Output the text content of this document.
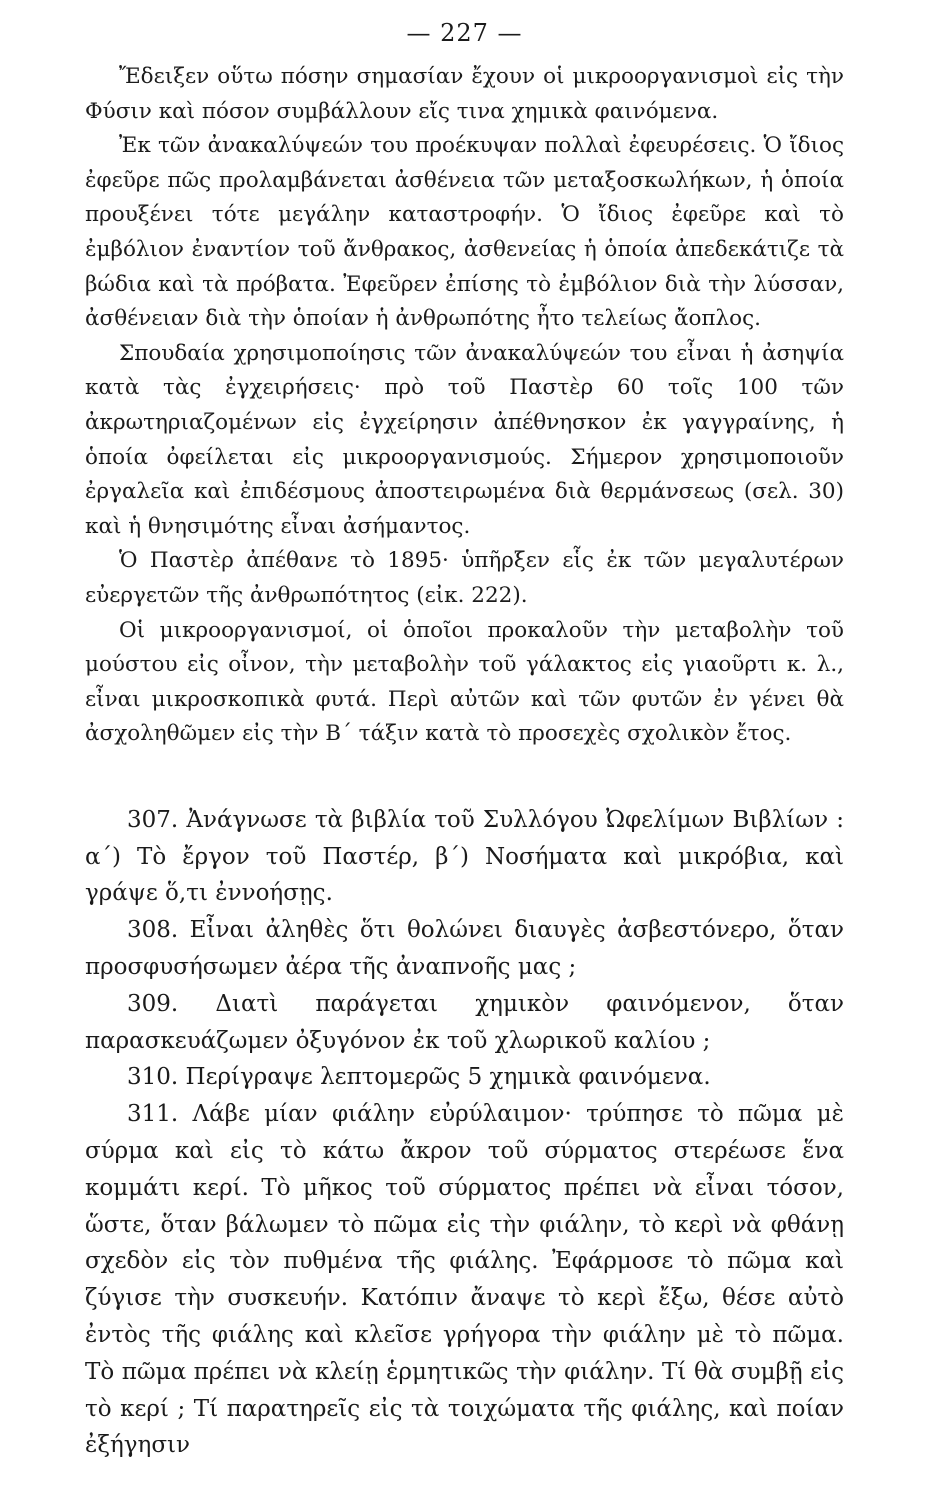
— 227 —

Ἔδειξεν οὕτω πόσην σημασίαν ἔχουν οἱ μικροοργανισμοὶ εἰς τὴν Φύσιν καὶ πόσον συμβάλλουν εἴς τινα χημικὰ φαινόμενα.

Ἐκ τῶν ἀνακαλύψεών του προέκυψαν πολλαὶ ἐφευρέσεις. Ὁ ἴδιος ἐφεῦρε πῶς προλαμβάνεται ἀσθένεια τῶν μεταξοσκωλήκων, ἡ ὁποία προυξένει τότε μεγάλην καταστροφήν. Ὁ ἴδιος ἐφεῦρε καὶ τὸ ἐμβόλιον ἐναντίον τοῦ ἄνθρακος, ἀσθενείας ἡ ὁποία ἀπεδεκάτιζε τὰ βώδια καὶ τὰ πρόβατα. Ἐφεῦρεν ἐπίσης τὸ ἐμβόλιον διὰ τὴν λύσσαν, ἀσθένειαν διὰ τὴν ὁποίαν ἡ ἀνθρωπότης ἦτο τελείως ἄοπλος.

Σπουδαία χρησιμοποίησις τῶν ἀνακαλύψεών του εἶναι ἡ ἀσηψία κατὰ τὰς ἐγχειρήσεις· πρὸ τοῦ Παστὲρ 60 τοῖς 100 τῶν ἀκρωτηριαζομένων εἰς ἐγχείρησιν ἀπέθνησκον ἐκ γαγγραίνης, ἡ ὁποία ὀφείλεται εἰς μικροοργανισμούς. Σήμερον χρησιμοποιοῦν ἐργαλεῖα καὶ ἐπιδέσμους ἀποστειρωμένα διὰ θερμάνσεως (σελ. 30) καὶ ἡ θνησιμότης εἶναι ἀσήμαντος.

Ὁ Παστὲρ ἀπέθανε τὸ 1895· ὑπῆρξεν εἷς ἐκ τῶν μεγαλυτέρων εὐεργετῶν τῆς ἀνθρωπότητος (εἰκ. 222).

Οἱ μικροοργανισμοί, οἱ ὁποῖοι προκαλοῦν τὴν μεταβολὴν τοῦ μούστου εἰς οἶνον, τὴν μεταβολὴν τοῦ γάλακτος εἰς γιαοῦρτι κ. λ., εἶναι μικροσκοπικὰ φυτά. Περὶ αὐτῶν καὶ τῶν φυτῶν ἐν γένει θὰ ἀσχοληθῶμεν εἰς τὴν Β΄ τάξιν κατὰ τὸ προσεχὲς σχολικὸν ἔτος.

307. Ἀνάγνωσε τὰ βιβλία τοῦ Συλλόγου Ὠφελίμων Βιβλίων : α΄) Τὸ ἔργον τοῦ Παστέρ, β΄) Νοσήματα καὶ μικρόβια, καὶ γράψε ὅ,τι ἐννοήσῃς.

308. Εἶναι ἀληθὲς ὅτι θολώνει διαυγὲς ἀσβεστόνερο, ὅταν προσφυσήσωμεν ἀέρα τῆς ἀναπνοῆς μας ;

309. Διατὶ παράγεται χημικὸν φαινόμενον, ὅταν παρασκευάζωμεν ὀξυγόνον ἐκ τοῦ χλωρικοῦ καλίου ;

310. Περίγραψε λεπτομερῶς 5 χημικὰ φαινόμενα.

311. Λάβε μίαν φιάλην εὐρύλαιμον· τρύπησε τὸ πῶμα μὲ σύρμα καὶ εἰς τὸ κάτω ἄκρον τοῦ σύρματος στερέωσε ἕνα κομμάτι κερί. Τὸ μῆκος τοῦ σύρματος πρέπει νὰ εἶναι τόσον, ὥστε, ὅταν βάλωμεν τὸ πῶμα εἰς τὴν φιάλην, τὸ κερὶ νὰ φθάνῃ σχεδὸν εἰς τὸν πυθμένα τῆς φιάλης. Ἐφάρμοσε τὸ πῶμα καὶ ζύγισε τὴν συσκευήν. Κατόπιν ἄναψε τὸ κερὶ ἔξω, θέσε αὐτὸ ἐντὸς τῆς φιάλης καὶ κλεῖσε γρήγορα τὴν φιάλην μὲ τὸ πῶμα. Τὸ πῶμα πρέπει νὰ κλείῃ ἑρμητικῶς τὴν φιάλην. Τί θὰ συμβῇ εἰς τὸ κερί ; Τί παρατηρεῖς εἰς τὰ τοιχώματα τῆς φιάλης, καὶ ποίαν ἐξήγησιν
